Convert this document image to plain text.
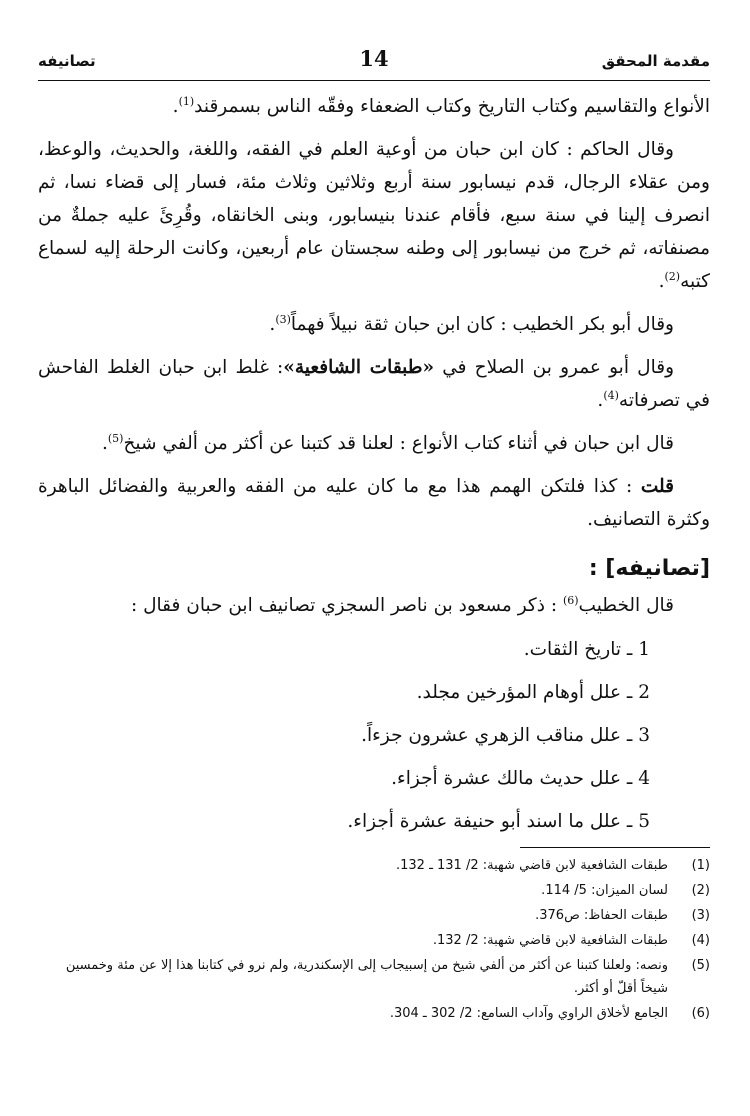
مقدمة المحقق
14
تصانيفه

الأنواع والتقاسيم وكتاب التاريخ وكتاب الضعفاء وفقّه الناس بسمرقند$^{(1)}$.

وقال الحاكم : كان ابن حبان من أوعية العلم في الفقه، واللغة، والحديث، والوعظ، ومن عقلاء الرجال، قدم نيسابور سنة أربع وثلاثين وثلاث مئة، فسار إلى قضاء نسا، ثم انصرف إلينا في سنة سبع، فأقام عندنا بنيسابور، وبنى الخانقاه، وقُرِئَ عليه جملةٌ من مصنفاته، ثم خرج من نيسابور إلى وطنه سجستان عام أربعين، وكانت الرحلة إليه لسماع كتبه$^{(2)}$.

وقال أبو بكر الخطيب : كان ابن حبان ثقة نبيلاً فهماً$^{(3)}$.

وقال أبو عمرو بن الصلاح في «طبقات الشافعية»: غلط ابن حبان الغلط الفاحش في تصرفاته$^{(4)}$.

قال ابن حبان في أثناء كتاب الأنواع : لعلنا قد كتبنا عن أكثر من ألفي شيخ$^{(5)}$.

قلت : كذا فلتكن الهمم هذا مع ما كان عليه من الفقه والعربية والفضائل الباهرة وكثرة التصانيف.

[تصانيفه] :

قال الخطيب$^{(6)}$ : ذكر مسعود بن ناصر السجزي تصانيف ابن حبان فقال :

1 ـ تاريخ الثقات.
2 ـ علل أوهام المؤرخين مجلد.
3 ـ علل مناقب الزهري عشرون جزءاً.
4 ـ علل حديث مالك عشرة أجزاء.
5 ـ علل ما اسند أبو حنيفة عشرة أجزاء.
(1)
طبقات الشافعية لابن قاضي شهبة: 2/ 131 ـ 132.
(2)
لسان الميزان: 5/ 114.
(3)
طبقات الحفاظ: ص376.
(4)
طبقات الشافعية لابن قاضي شهبة: 2/ 132.
(5)
ونصه: ولعلنا كتبنا عن أكثر من ألفي شيخ من إسبيجاب إلى الإسكندرية، ولم نرو في كتابنا هذا إلا عن مئة وخمسين شيخاً أقلّ أو أكثر.
(6)
الجامع لأخلاق الراوي وآداب السامع: 2/ 302 ـ 304.
